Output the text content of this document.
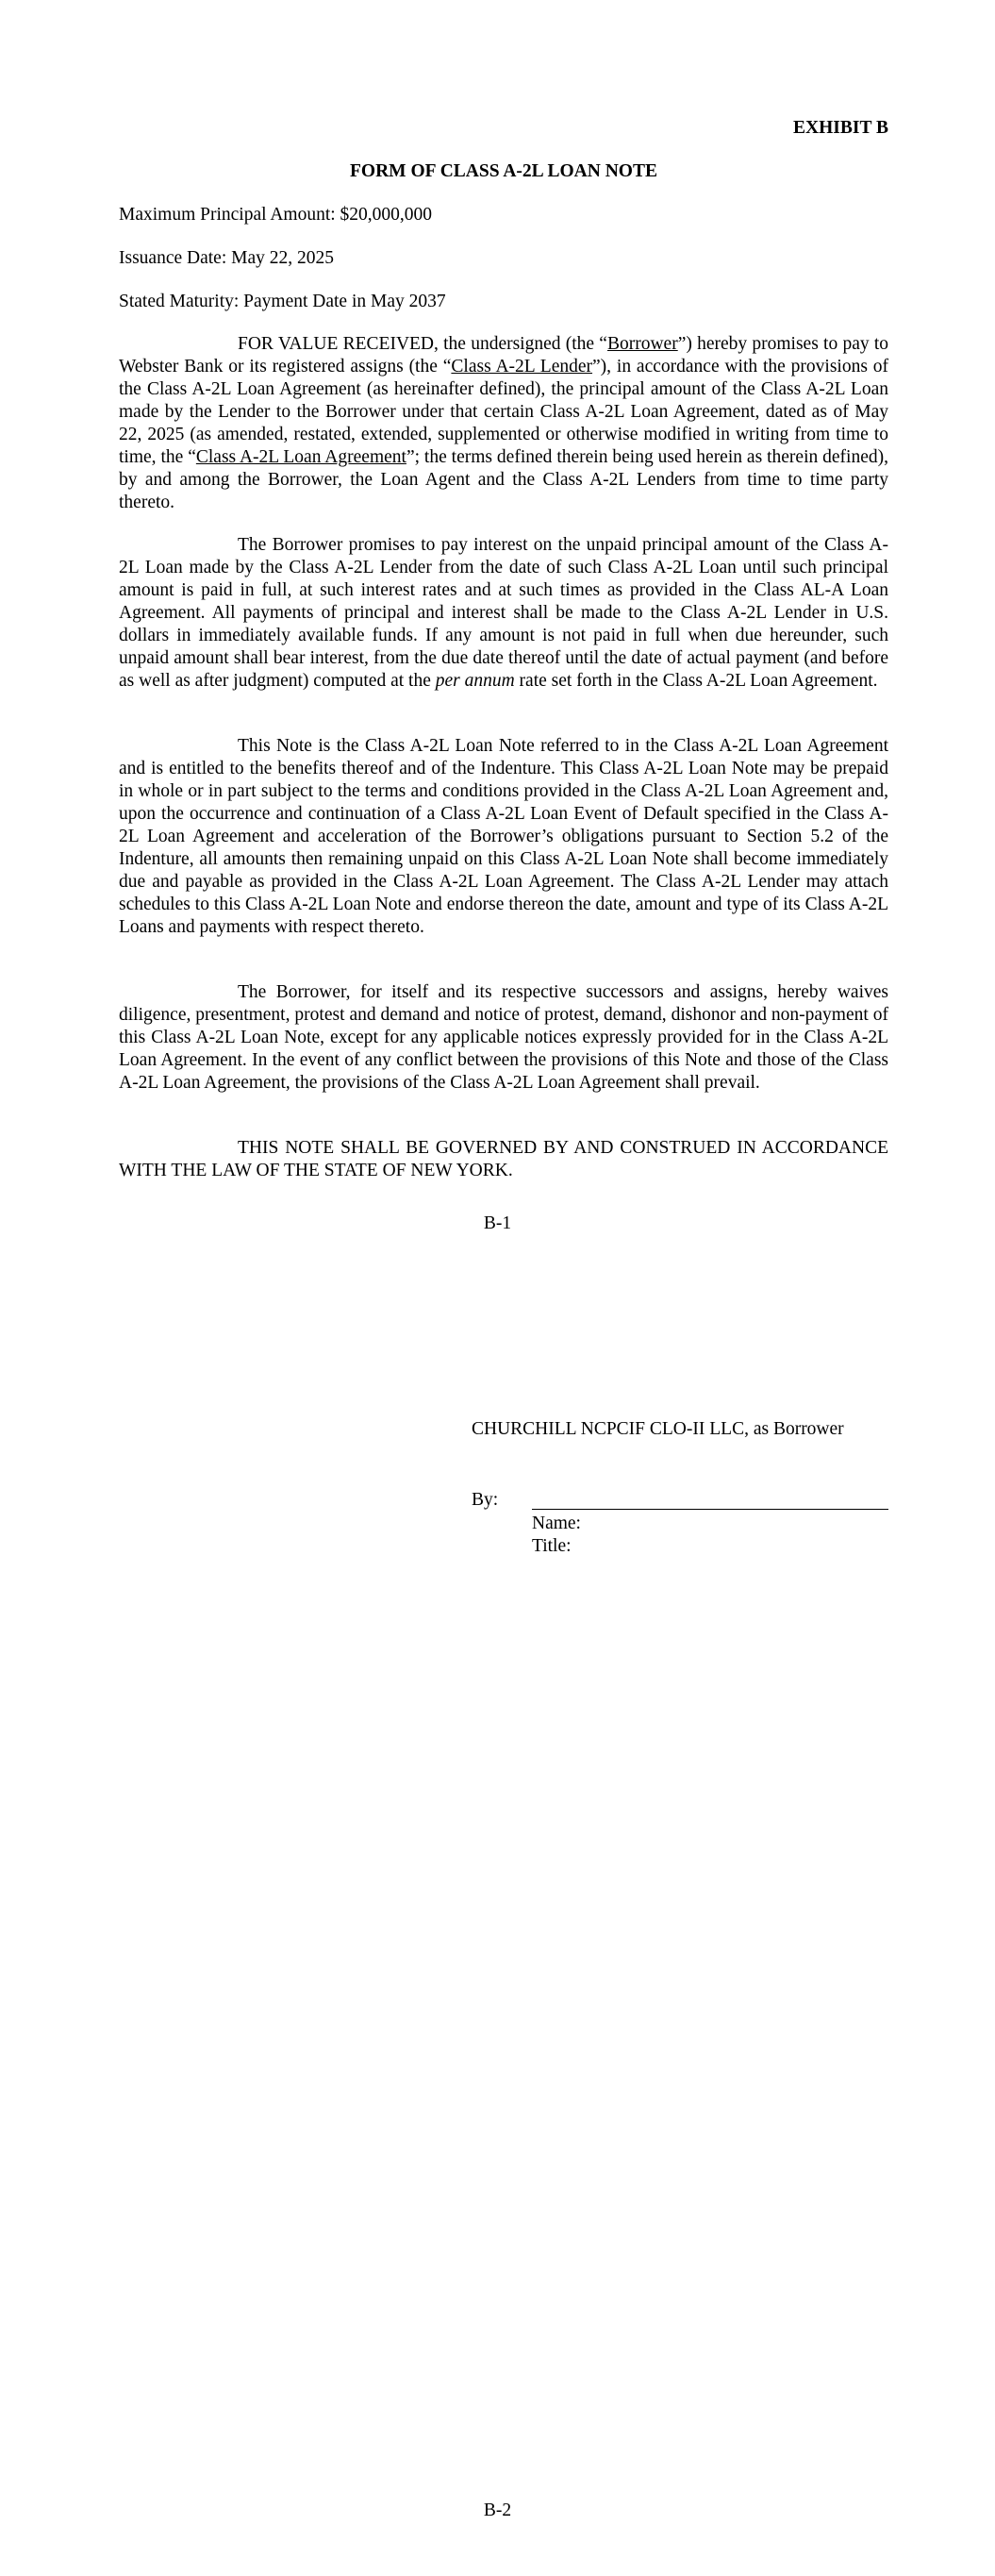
EXHIBIT B
FORM OF CLASS A-2L LOAN NOTE
Maximum Principal Amount: $20,000,000
Issuance Date: May 22, 2025
Stated Maturity: Payment Date in May 2037

FOR VALUE RECEIVED, the undersigned (the “Borrower”) hereby promises to pay to Webster Bank or its registered assigns (the “Class A-2L Lender”), in accordance with the provisions of the Class A-2L Loan Agreement (as hereinafter defined), the principal amount of the Class A-2L Loan made by the Lender to the Borrower under that certain Class A-2L Loan Agreement, dated as of May 22, 2025 (as amended, restated, extended, supplemented or otherwise modified in writing from time to time, the “Class A-2L Loan Agreement”; the terms defined therein being used herein as therein defined), by and among the Borrower, the Loan Agent and the Class A-2L Lenders from time to time party thereto.

The Borrower promises to pay interest on the unpaid principal amount of the Class A-2L Loan made by the Class A-2L Lender from the date of such Class A-2L Loan until such principal amount is paid in full, at such interest rates and at such times as provided in the Class AL-A Loan Agreement. All payments of principal and interest shall be made to the Class A-2L Lender in U.S. dollars in immediately available funds. If any amount is not paid in full when due hereunder, such unpaid amount shall bear interest, from the due date thereof until the date of actual payment (and before as well as after judgment) computed at the per annum rate set forth in the Class A-2L Loan Agreement.

This Note is the Class A-2L Loan Note referred to in the Class A-2L Loan Agreement and is entitled to the benefits thereof and of the Indenture. This Class A-2L Loan Note may be prepaid in whole or in part subject to the terms and conditions provided in the Class A-2L Loan Agreement and, upon the occurrence and continuation of a Class A-2L Loan Event of Default specified in the Class A-2L Loan Agreement and acceleration of the Borrower’s obligations pursuant to Section 5.2 of the Indenture, all amounts then remaining unpaid on this Class A-2L Loan Note shall become immediately due and payable as provided in the Class A-2L Loan Agreement. The Class A-2L Lender may attach schedules to this Class A-2L Loan Note and endorse thereon the date, amount and type of its Class A-2L Loans and payments with respect thereto.

The Borrower, for itself and its respective successors and assigns, hereby waives diligence, presentment, protest and demand and notice of protest, demand, dishonor and non-payment of this Class A-2L Loan Note, except for any applicable notices expressly provided for in the Class A-2L Loan Agreement. In the event of any conflict between the provisions of this Note and those of the Class A-2L Loan Agreement, the provisions of the Class A-2L Loan Agreement shall prevail.

THIS NOTE SHALL BE GOVERNED BY AND CONSTRUED IN ACCORDANCE WITH THE LAW OF THE STATE OF NEW YORK.

B-1
CHURCHILL NCPCIF CLO-II LLC, as Borrower
By:
Name:
Title:
B-2
